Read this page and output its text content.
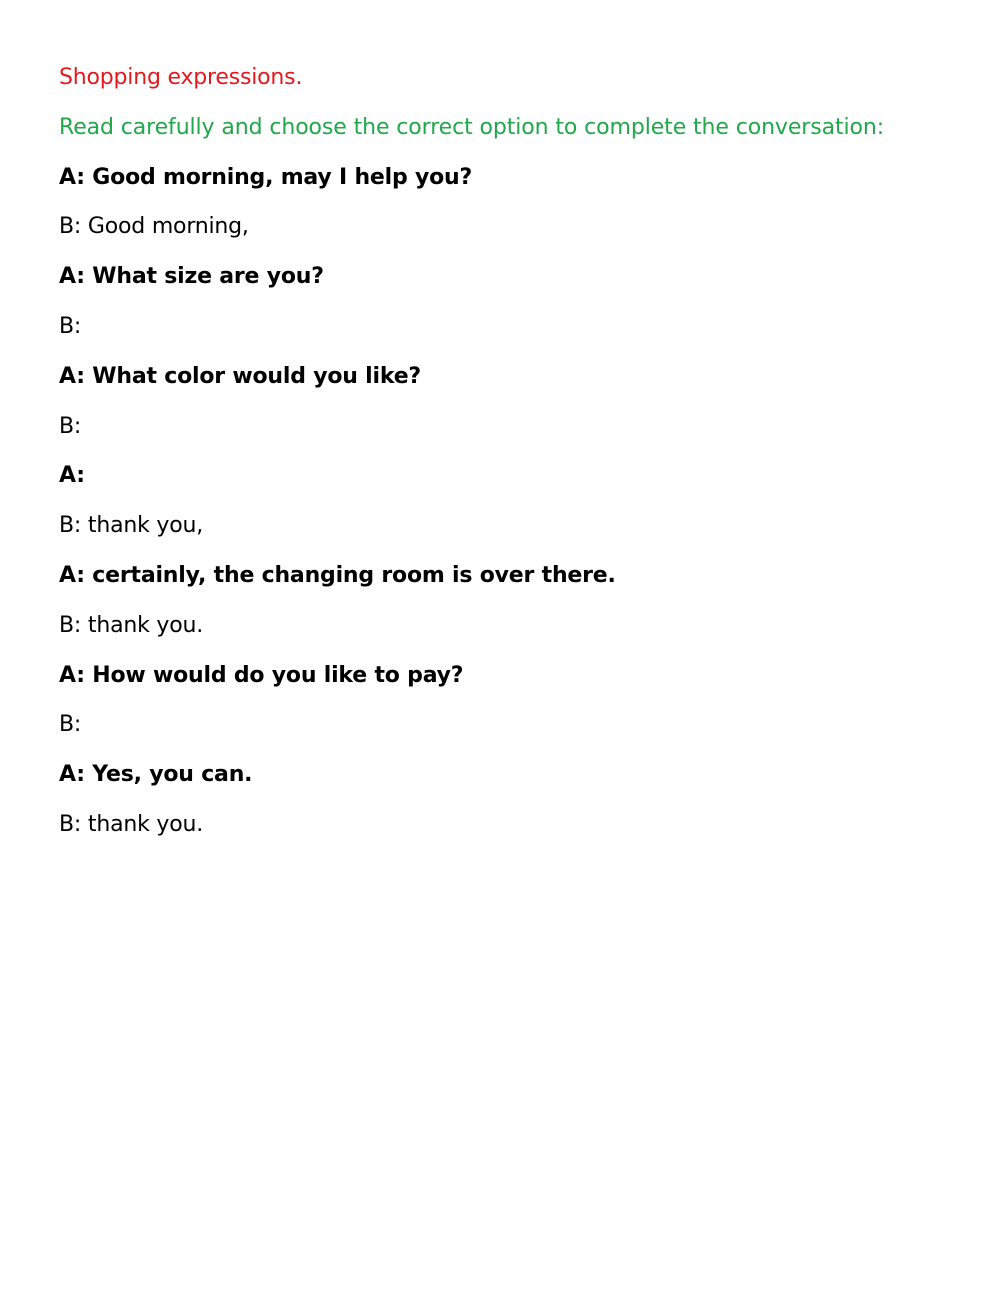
Shopping expressions.
Read carefully and choose the correct option to complete the conversation:
A: Good morning, may I help you?
B: Good morning,
A: What size are you?
B:
A: What color would you like?
B:
A:
B: thank you,
A: certainly, the changing room is over there.
B: thank you.
A: How would do you like to pay?
B:
A: Yes, you can.
B: thank you.
